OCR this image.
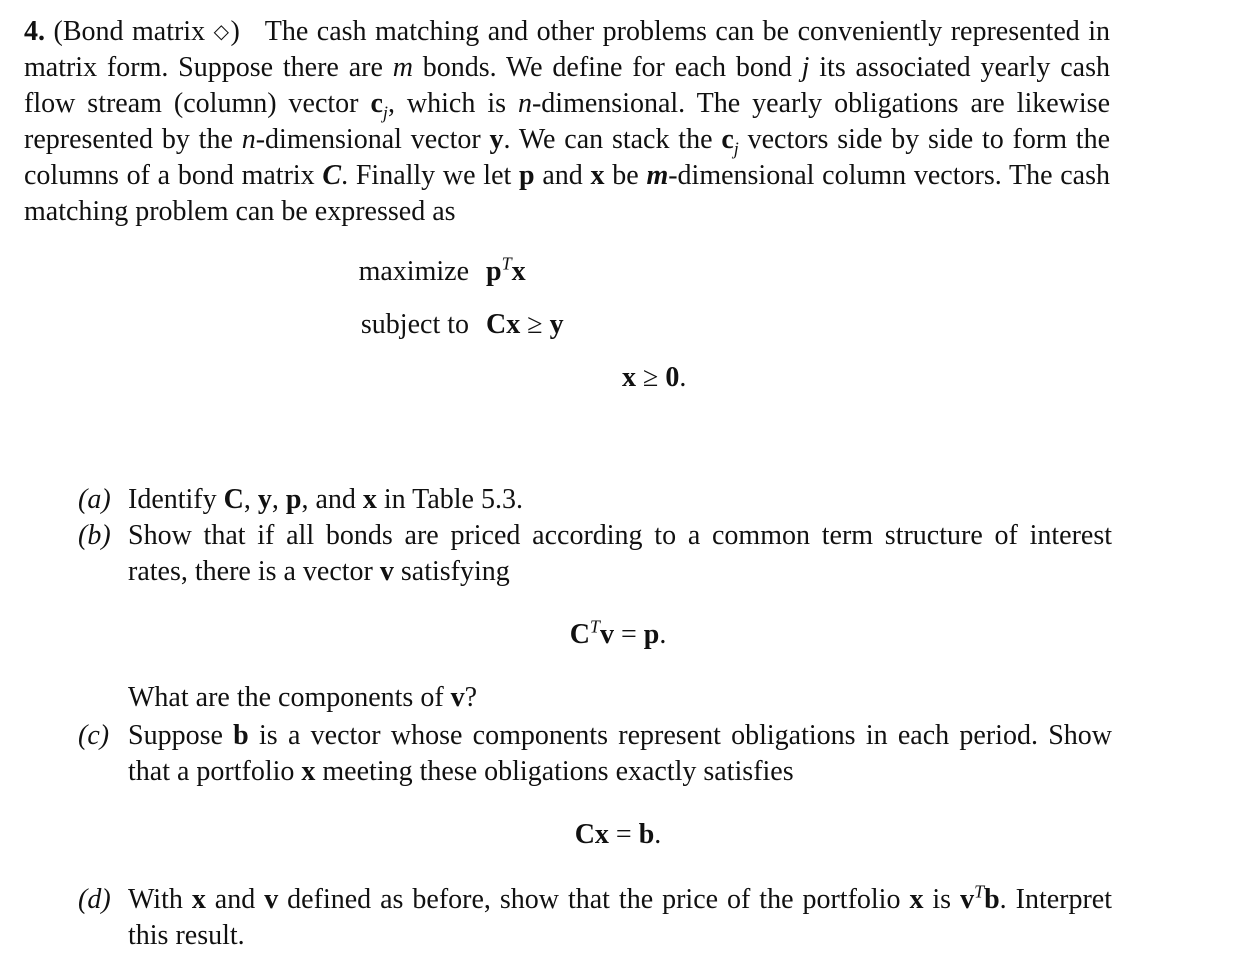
4. (Bond matrix ◇) The cash matching and other problems can be conveniently represented in matrix form. Suppose there are m bonds. We define for each bond j its associated yearly cash flow stream (column) vector $c_j$, which is n-dimensional. The yearly obligations are likewise represented by the n-dimensional vector y. We can stack the $c_j$ vectors side by side to form the columns of a bond matrix C. Finally we let p and x be m-dimensional column vectors. The cash matching problem can be expressed as

maximize $p^Tx$
subject to Cx ≥ y
x ≥ 0.
(a) Identify C, y, p, and x in Table 5.3.
(b) Show that if all bonds are priced according to a common term structure of interest rates, there is a vector v satisfying
$C^Tv = p$.
What are the components of v?
(c) Suppose b is a vector whose components represent obligations in each period. Show that a portfolio x meeting these obligations exactly satisfies
Cx = b.
(d) With x and v defined as before, show that the price of the portfolio x is $v^Tb$. Interpret this result.
